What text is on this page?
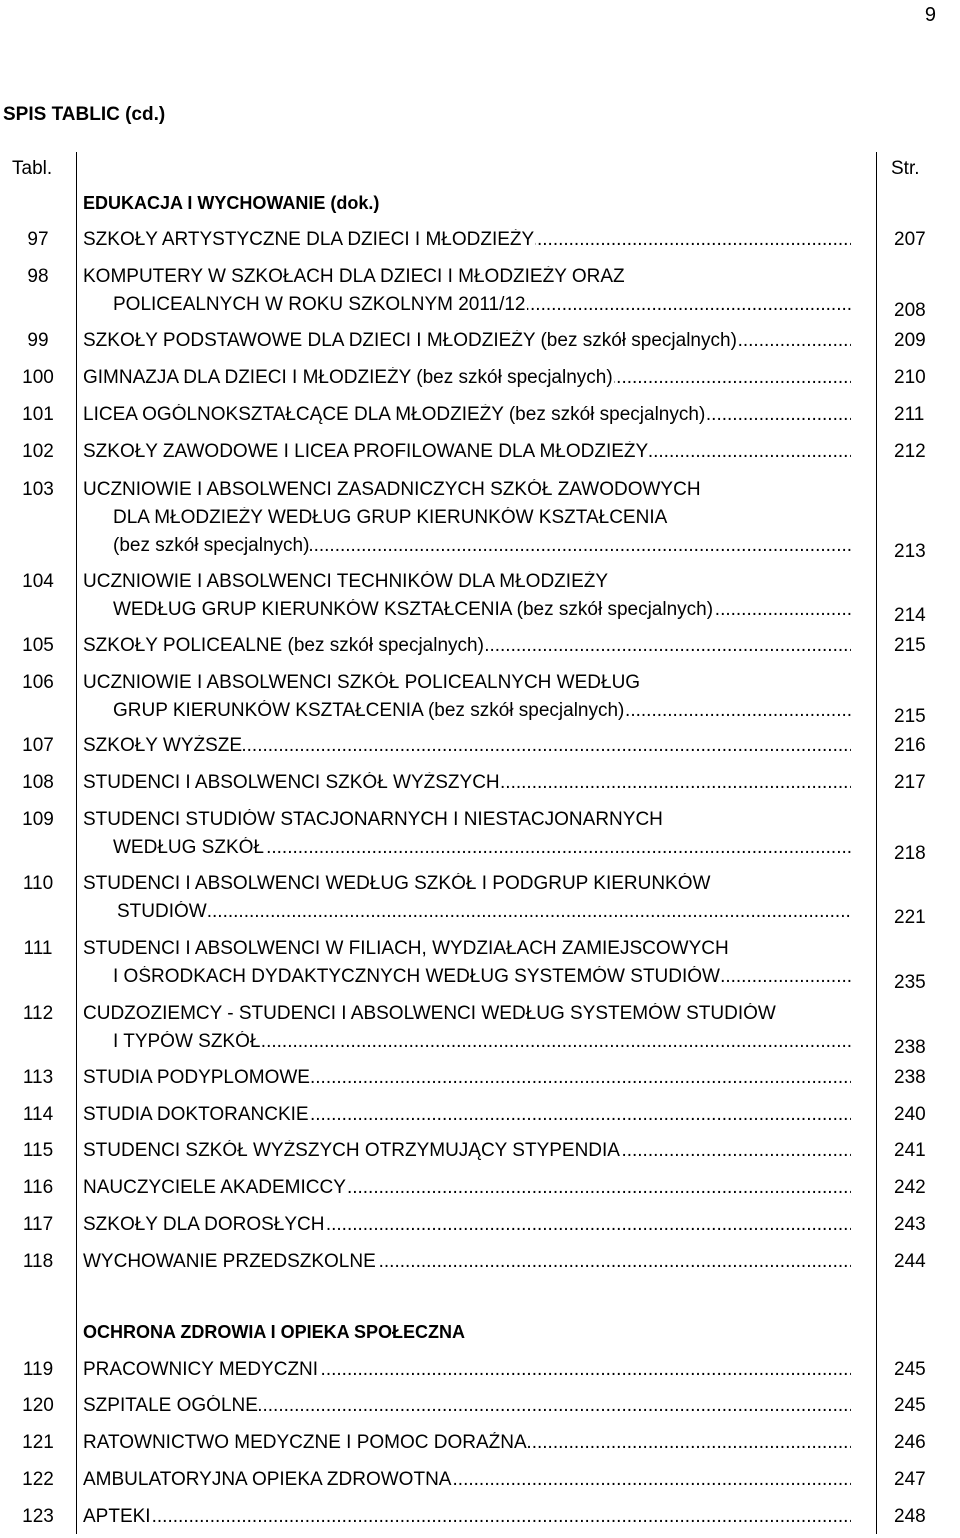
9
SPIS TABLIC (cd.)
Tabl.	Str.
EDUKACJA I WYCHOWANIE (dok.)
97	SZKOŁY ARTYSTYCZNE DLA DZIECI I MŁODZIEŻY .....	207
98	KOMPUTERY W SZKOŁACH DLA DZIECI I MŁODZIEŻY ORAZ
POLICEALNYCH W ROKU SZKOLNYM 2011/12 .....	208
99	SZKOŁY PODSTAWOWE DLA DZIECI I MŁODZIEŻY (bez szkół specjalnych) .....	209
100 GIMNAZJA DLA DZIECI I MŁODZIEŻY (bez szkół specjalnych) .....	210
101 LICEA OGÓLNOKSZTAŁCĄCE DLA MŁODZIEŻY (bez szkół specjalnych) .....	211
102 SZKOŁY ZAWODOWE I LICEA PROFILOWANE DLA MŁODZIEŻY .....	212
103 UCZNIOWIE I ABSOLWENCI ZASADNICZYCH SZKÓŁ ZAWODOWYCH
DLA MŁODZIEŻY WEDŁUG GRUP KIERUNKÓW KSZTAŁCENIA
(bez szkół specjalnych) .....	213
104 UCZNIOWIE I ABSOLWENCI TECHNIKÓW DLA MŁODZIEŻY
WEDŁUG GRUP KIERUNKÓW KSZTAŁCENIA (bez szkół specjalnych) .....	214
105 SZKOŁY POLICEALNE (bez szkół specjalnych) .....	215
106 UCZNIOWIE I ABSOLWENCI SZKÓŁ POLICEALNYCH WEDŁUG
GRUP KIERUNKÓW KSZTAŁCENIA (bez szkół specjalnych) .....	215
107 SZKOŁY WYŻSZE .....	216
108 STUDENCI I ABSOLWENCI SZKÓŁ WYŻSZYCH .....	217
109 STUDENCI STUDIÓW STACJONARNYCH I NIESTACJONARNYCH
WEDŁUG SZKÓŁ .....	218
110 STUDENCI I ABSOLWENCI WEDŁUG SZKÓŁ I PODGRUP KIERUNKÓW
STUDIÓW .....	221
111 STUDENCI I ABSOLWENCI W FILIACH, WYDZIAŁACH ZAMIEJSCOWYCH
I OŚRODKACH DYDAKTYCZNYCH WEDŁUG SYSTEMÓW STUDIÓW .....	235
112 CUDZOZIEMCY - STUDENCI I ABSOLWENCI WEDŁUG SYSTEMÓW STUDIÓW
I TYPÓW SZKÓŁ .....	238
113 STUDIA PODYPLOMOWE .....	238
114 STUDIA DOKTORANCKIE .....	240
115 STUDENCI SZKÓŁ WYŻSZYCH OTRZYMUJĄCY STYPENDIA .....	241
116 NAUCZYCIELE AKADEMICCY .....	242
117 SZKOŁY DLA DOROSŁYCH .....	243
118 WYCHOWANIE PRZEDSZKOLNE .....	244
OCHRONA ZDROWIA I OPIEKA SPOŁECZNA
119 PRACOWNICY MEDYCZNI .....	245
120 SZPITALE OGÓLNE .....	245
121 RATOWNICTWO MEDYCZNE I POMOC DORAŹNA .....	246
122 AMBULATORYJNA OPIEKA ZDROWOTNA .....	247
123 APTEKI .....	248
